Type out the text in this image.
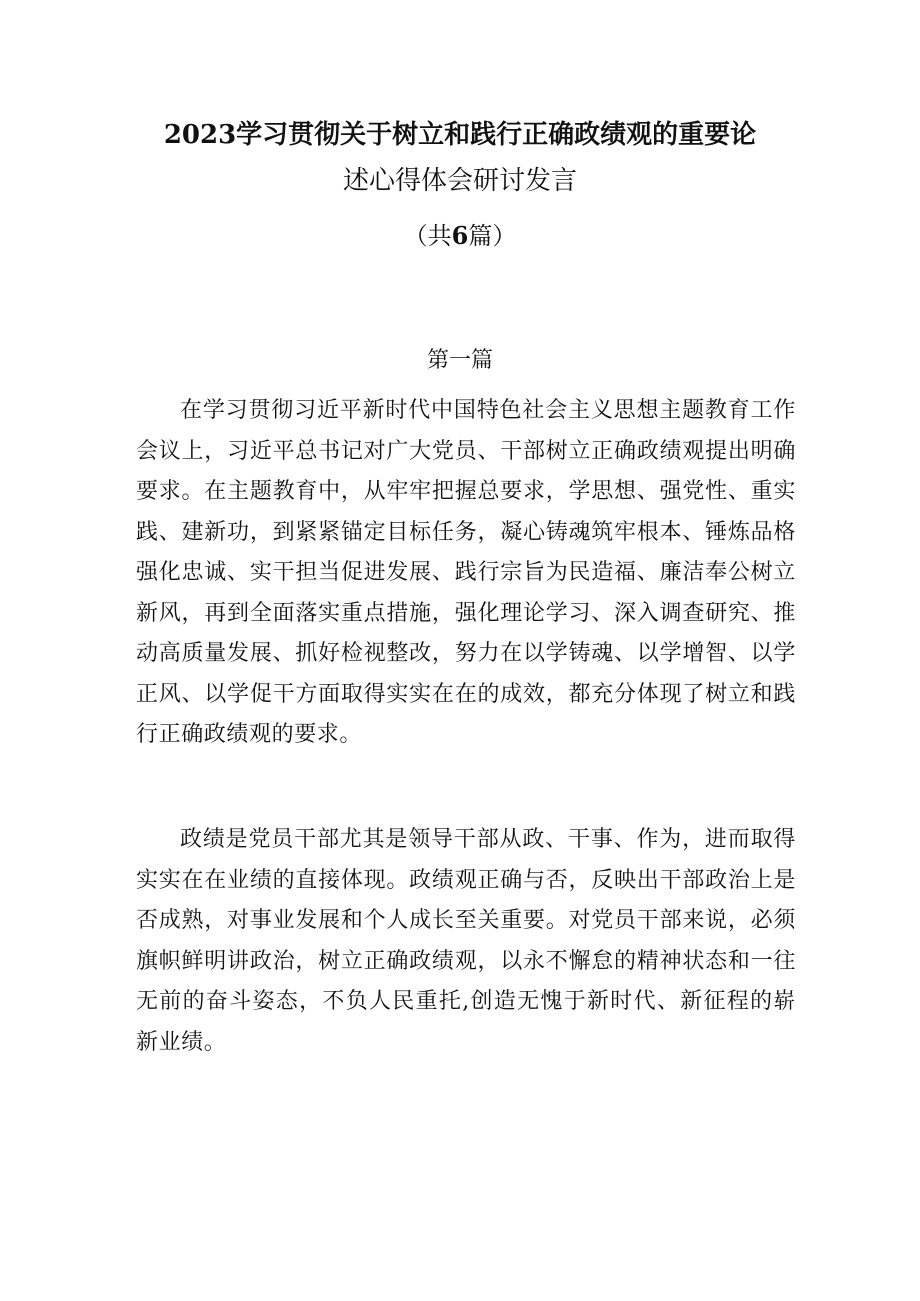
2023学习贯彻关于树立和践行正确政绩观的重要论
述心得体会研讨发言
（共6篇）
第一篇

在学习贯彻习近平新时代中国特色社会主义思想主题教育工作会议上，习近平总书记对广大党员、干部树立正确政绩观提出明确要求。在主题教育中，从牢牢把握总要求，学思想、强党性、重实践、建新功，到紧紧锚定目标任务，凝心铸魂筑牢根本、锤炼品格强化忠诚、实干担当促进发展、践行宗旨为民造福、廉洁奉公树立新风，再到全面落实重点措施，强化理论学习、深入调查研究、推动高质量发展、抓好检视整改，努力在以学铸魂、以学增智、以学正风、以学促干方面取得实实在在的成效，都充分体现了树立和践行正确政绩观的要求。

政绩是党员干部尤其是领导干部从政、干事、作为，进而取得实实在在业绩的直接体现。政绩观正确与否，反映出干部政治上是否成熟，对事业发展和个人成长至关重要。对党员干部来说，必须旗帜鲜明讲政治，树立正确政绩观，以永不懈怠的精神状态和一往无前的奋斗姿态，不负人民重托,创造无愧于新时代、新征程的崭新业绩。
